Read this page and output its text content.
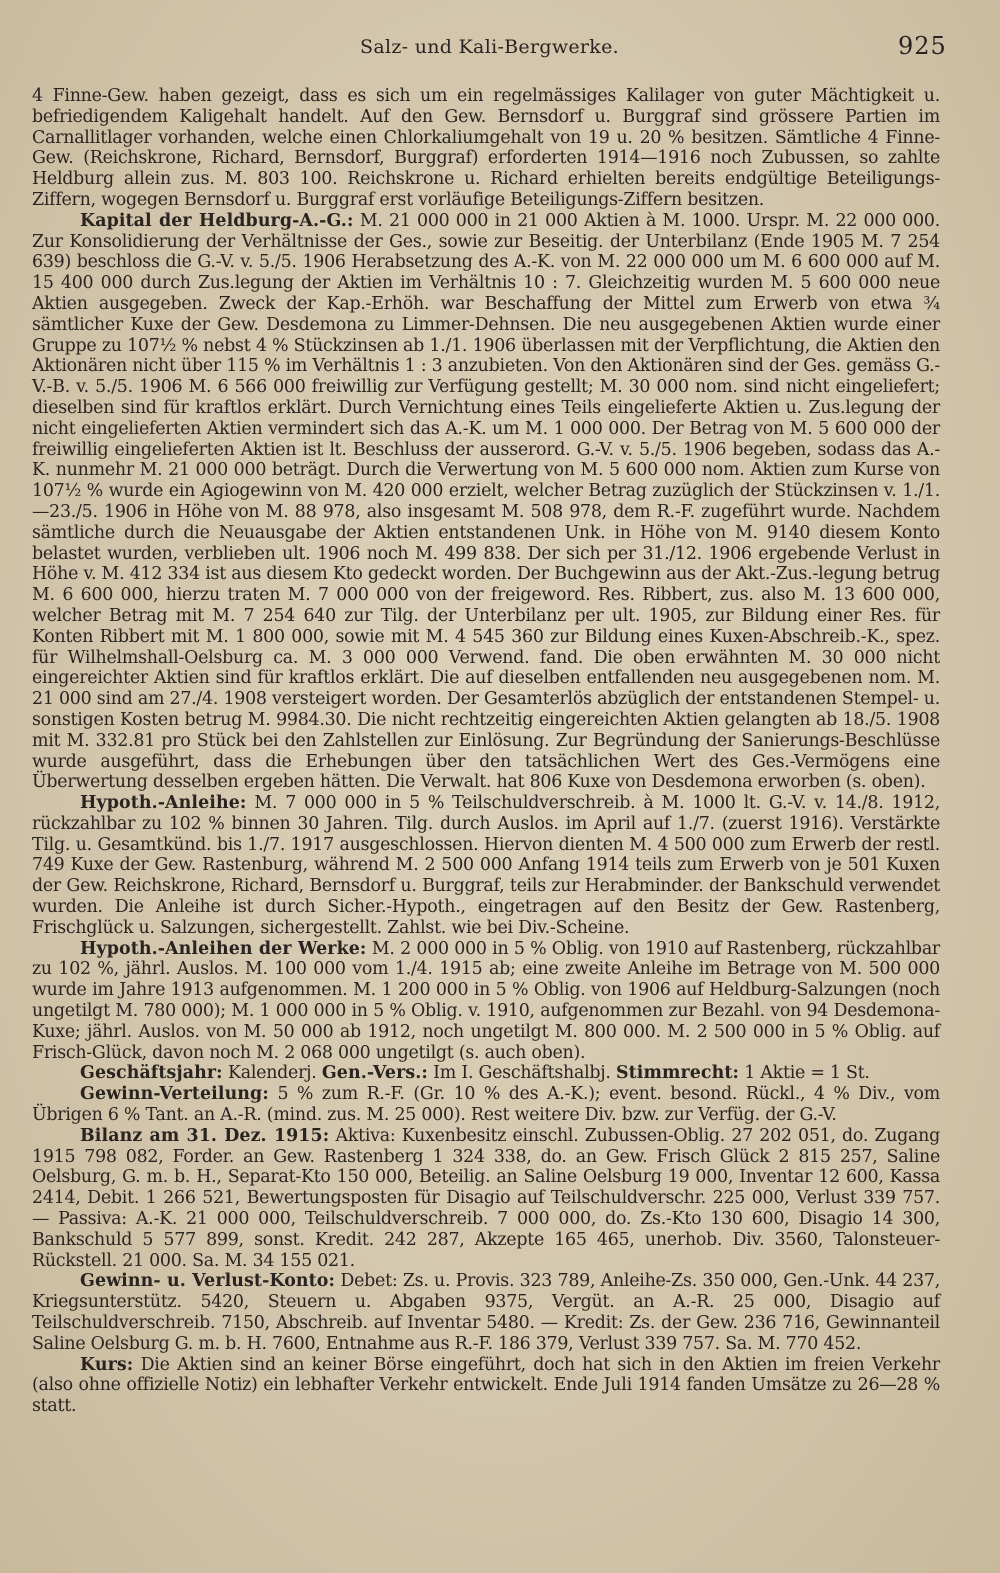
Salz- und Kali-Bergwerke.	925

4 Finne-Gew. haben gezeigt, dass es sich um ein regelmässiges Kalilager von guter Mächtigkeit u. befriedigendem Kaligehalt handelt. Auf den Gew. Bernsdorf u. Burggraf sind grössere Partien im Carnallitlager vorhanden, welche einen Chlorkaliumgehalt von 19 u. 20 % besitzen. Sämtliche 4 Finne-Gew. (Reichskrone, Richard, Bernsdorf, Burggraf) erforderten 1914—1916 noch Zubussen, so zahlte Heldburg allein zus. M. 803 100. Reichskrone u. Richard erhielten bereits endgültige Beteiligungs-Ziffern, wogegen Bernsdorf u. Burggraf erst vorläufige Beteiligungs-Ziffern besitzen.

Kapital der Heldburg-A.-G.: M. 21 000 000 in 21 000 Aktien à M. 1000. Urspr. M. 22 000 000. Zur Konsolidierung der Verhältnisse der Ges., sowie zur Beseitig. der Unterbilanz (Ende 1905 M. 7 254 639) beschloss die G.-V. v. 5./5. 1906 Herabsetzung des A.-K. von M. 22 000 000 um M. 6 600 000 auf M. 15 400 000 durch Zus.legung der Aktien im Verhältnis 10 : 7. Gleichzeitig wurden M. 5 600 000 neue Aktien ausgegeben. Zweck der Kap.-Erhöh. war Beschaffung der Mittel zum Erwerb von etwa ¾ sämtlicher Kuxe der Gew. Desdemona zu Limmer-Dehnsen. Die neu ausgegebenen Aktien wurde einer Gruppe zu 107½ % nebst 4 % Stückzinsen ab 1./1. 1906 überlassen mit der Verpflichtung, die Aktien den Aktionären nicht über 115 % im Verhältnis 1 : 3 anzubieten. Von den Aktionären sind der Ges. gemäss G.-V.-B. v. 5./5. 1906 M. 6 566 000 freiwillig zur Verfügung gestellt; M. 30 000 nom. sind nicht eingeliefert; dieselben sind für kraftlos erklärt. Durch Vernichtung eines Teils eingelieferte Aktien u. Zus.legung der nicht eingelieferten Aktien vermindert sich das A.-K. um M. 1 000 000. Der Betrag von M. 5 600 000 der freiwillig eingelieferten Aktien ist lt. Beschluss der ausserord. G.-V. v. 5./5. 1906 begeben, sodass das A.-K. nunmehr M. 21 000 000 beträgt. Durch die Verwertung von M. 5 600 000 nom. Aktien zum Kurse von 107½ % wurde ein Agiogewinn von M. 420 000 erzielt, welcher Betrag zuzüglich der Stückzinsen v. 1./1.—23./5. 1906 in Höhe von M. 88 978, also insgesamt M. 508 978, dem R.-F. zugeführt wurde. Nachdem sämtliche durch die Neuausgabe der Aktien entstandenen Unk. in Höhe von M. 9140 diesem Konto belastet wurden, verblieben ult. 1906 noch M. 499 838. Der sich per 31./12. 1906 ergebende Verlust in Höhe v. M. 412 334 ist aus diesem Kto gedeckt worden. Der Buchgewinn aus der Akt.-Zus.-legung betrug M. 6 600 000, hierzu traten M. 7 000 000 von der freigeword. Res. Ribbert, zus. also M. 13 600 000, welcher Betrag mit M. 7 254 640 zur Tilg. der Unterbilanz per ult. 1905, zur Bildung einer Res. für Konten Ribbert mit M. 1 800 000, sowie mit M. 4 545 360 zur Bildung eines Kuxen-Abschreib.-K., spez. für Wilhelmshall-Oelsburg ca. M. 3 000 000 Verwend. fand. Die oben erwähnten M. 30 000 nicht eingereichter Aktien sind für kraftlos erklärt. Die auf dieselben entfallenden neu ausgegebenen nom. M. 21 000 sind am 27./4. 1908 versteigert worden. Der Gesamterlös abzüglich der entstandenen Stempel- u. sonstigen Kosten betrug M. 9984.30. Die nicht rechtzeitig eingereichten Aktien gelangten ab 18./5. 1908 mit M. 332.81 pro Stück bei den Zahlstellen zur Einlösung. Zur Begründung der Sanierungs-Beschlüsse wurde ausgeführt, dass die Erhebungen über den tatsächlichen Wert des Ges.-Vermögens eine Überwertung desselben ergeben hätten. Die Verwalt. hat 806 Kuxe von Desdemona erworben (s. oben).

Hypoth.-Anleihe: M. 7 000 000 in 5 % Teilschuldverschreib. à M. 1000 lt. G.-V. v. 14./8. 1912, rückzahlbar zu 102 % binnen 30 Jahren. Tilg. durch Auslos. im April auf 1./7. (zuerst 1916). Verstärkte Tilg. u. Gesamtkünd. bis 1./7. 1917 ausgeschlossen. Hiervon dienten M. 4 500 000 zum Erwerb der restl. 749 Kuxe der Gew. Rastenburg, während M. 2 500 000 Anfang 1914 teils zum Erwerb von je 501 Kuxen der Gew. Reichskrone, Richard, Bernsdorf u. Burggraf, teils zur Herabminder. der Bankschuld verwendet wurden. Die Anleihe ist durch Sicher.-Hypoth., eingetragen auf den Besitz der Gew. Rastenberg, Frischglück u. Salzungen, sichergestellt. Zahlst. wie bei Div.-Scheine.

Hypoth.-Anleihen der Werke: M. 2 000 000 in 5 % Oblig. von 1910 auf Rastenberg, rückzahlbar zu 102 %, jährl. Auslos. M. 100 000 vom 1./4. 1915 ab; eine zweite Anleihe im Betrage von M. 500 000 wurde im Jahre 1913 aufgenommen. M. 1 200 000 in 5 % Oblig. von 1906 auf Heldburg-Salzungen (noch ungetilgt M. 780 000); M. 1 000 000 in 5 % Oblig. v. 1910, aufgenommen zur Bezahl. von 94 Desdemona-Kuxe; jährl. Auslos. von M. 50 000 ab 1912, noch ungetilgt M. 800 000. M. 2 500 000 in 5 % Oblig. auf Frisch-Glück, davon noch M. 2 068 000 ungetilgt (s. auch oben).

Geschäftsjahr: Kalenderj. Gen.-Vers.: Im I. Geschäftshalbj. Stimmrecht: 1 Aktie = 1 St.

Gewinn-Verteilung: 5 % zum R.-F. (Gr. 10 % des A.-K.); event. besond. Rückl., 4 % Div., vom Übrigen 6 % Tant. an A.-R. (mind. zus. M. 25 000). Rest weitere Div. bzw. zur Verfüg. der G.-V.

Bilanz am 31. Dez. 1915: Aktiva: Kuxenbesitz einschl. Zubussen-Oblig. 27 202 051, do. Zugang 1915 798 082, Forder. an Gew. Rastenberg 1 324 338, do. an Gew. Frisch Glück 2 815 257, Saline Oelsburg, G. m. b. H., Separat-Kto 150 000, Beteilig. an Saline Oelsburg 19 000, Inventar 12 600, Kassa 2414, Debit. 1 266 521, Bewertungsposten für Disagio auf Teilschuldverschr. 225 000, Verlust 339 757. — Passiva: A.-K. 21 000 000, Teilschuldverschreib. 7 000 000, do. Zs.-Kto 130 600, Disagio 14 300, Bankschuld 5 577 899, sonst. Kredit. 242 287, Akzepte 165 465, unerhob. Div. 3560, Talonsteuer-Rückstell. 21 000. Sa. M. 34 155 021.

Gewinn- u. Verlust-Konto: Debet: Zs. u. Provis. 323 789, Anleihe-Zs. 350 000, Gen.-Unk. 44 237, Kriegsunterstütz. 5420, Steuern u. Abgaben 9375, Vergüt. an A.-R. 25 000, Disagio auf Teilschuldverschreib. 7150, Abschreib. auf Inventar 5480. — Kredit: Zs. der Gew. 236 716, Gewinnanteil Saline Oelsburg G. m. b. H. 7600, Entnahme aus R.-F. 186 379, Verlust 339 757. Sa. M. 770 452.

Kurs: Die Aktien sind an keiner Börse eingeführt, doch hat sich in den Aktien im freien Verkehr (also ohne offizielle Notiz) ein lebhafter Verkehr entwickelt. Ende Juli 1914 fanden Umsätze zu 26—28 % statt.
